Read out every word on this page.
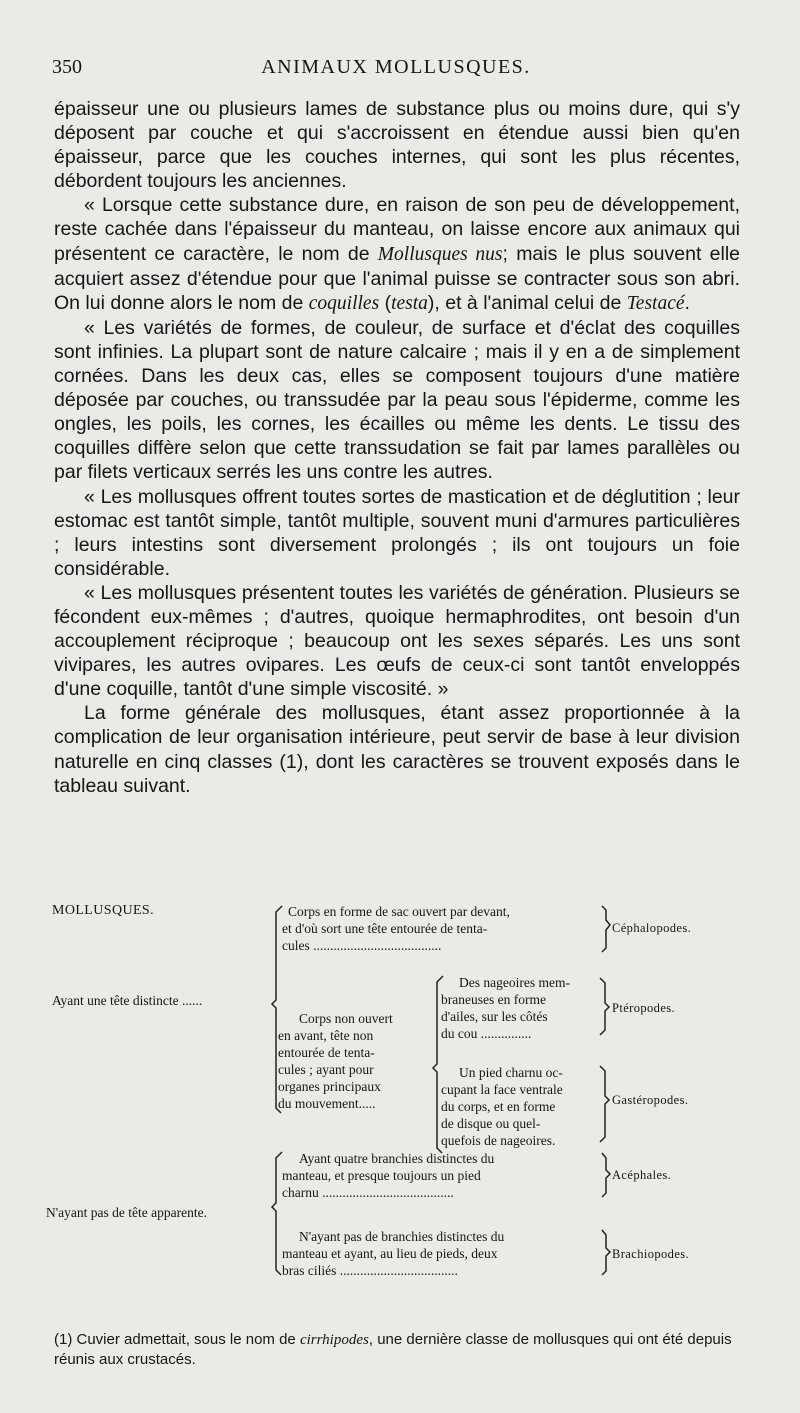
350	ANIMAUX MOLLUSQUES.

épaisseur une ou plusieurs lames de substance plus ou moins dure, qui s'y déposent par couche et qui s'accroissent en étendue aussi bien qu'en épaisseur, parce que les couches internes, qui sont les plus récentes, débordent toujours les anciennes.

« Lorsque cette substance dure, en raison de son peu de développement, reste cachée dans l'épaisseur du manteau, on laisse encore aux animaux qui présentent ce caractère, le nom de Mollusques nus; mais le plus souvent elle acquiert assez d'étendue pour que l'animal puisse se contracter sous son abri. On lui donne alors le nom de coquilles (testa), et à l'animal celui de Testacé.

« Les variétés de formes, de couleur, de surface et d'éclat des coquilles sont infinies. La plupart sont de nature calcaire ; mais il y en a de simplement cornées. Dans les deux cas, elles se composent toujours d'une matière déposée par couches, ou transsudée par la peau sous l'épiderme, comme les ongles, les poils, les cornes, les écailles ou même les dents. Le tissu des coquilles diffère selon que cette transsudation se fait par lames parallèles ou par filets verticaux serrés les uns contre les autres.

« Les mollusques offrent toutes sortes de mastication et de déglutition ; leur estomac est tantôt simple, tantôt multiple, souvent muni d'armures particulières ; leurs intestins sont diversement prolongés ; ils ont toujours un foie considérable.

« Les mollusques présentent toutes les variétés de génération. Plusieurs se fécondent eux-mêmes ; d'autres, quoique hermaphrodites, ont besoin d'un accouplement réciproque ; beaucoup ont les sexes séparés. Les uns sont vivipares, les autres ovipares. Les œufs de ceux-ci sont tantôt enveloppés d'une coquille, tantôt d'une simple viscosité. »

La forme générale des mollusques, étant assez proportionnée à la complication de leur organisation intérieure, peut servir de base à leur division naturelle en cinq classes (1), dont les caractères se trouvent exposés dans le tableau suivant.

MOLLUSQUES.
Ayant une tête distincte ......
N'ayant pas de tête apparente.
Corps en forme de sac ouvert par devant,
et d'où sort une tête entourée de tenta-
cules ......................................
Céphalopodes.
Corps non ouvert
en avant, tête non
entourée de tenta-
cules ; ayant pour
organes principaux
du mouvement.....
Des nageoires mem-
braneuses en forme
d'ailes, sur les côtés
du cou ...............
Ptéropodes.
Un pied charnu oc-
cupant la face ventrale
du corps, et en forme
de disque ou quel-
quefois de nageoires.
Gastéropodes.
Ayant quatre branchies distinctes du
manteau, et presque toujours un pied
charnu .......................................
Acéphales.
N'ayant pas de branchies distinctes du
manteau et ayant, au lieu de pieds, deux
bras ciliés ...................................
Brachiopodes.

(1) Cuvier admettait, sous le nom de cirrhipodes, une dernière classe de mollusques qui ont été depuis réunis aux crustacés.
